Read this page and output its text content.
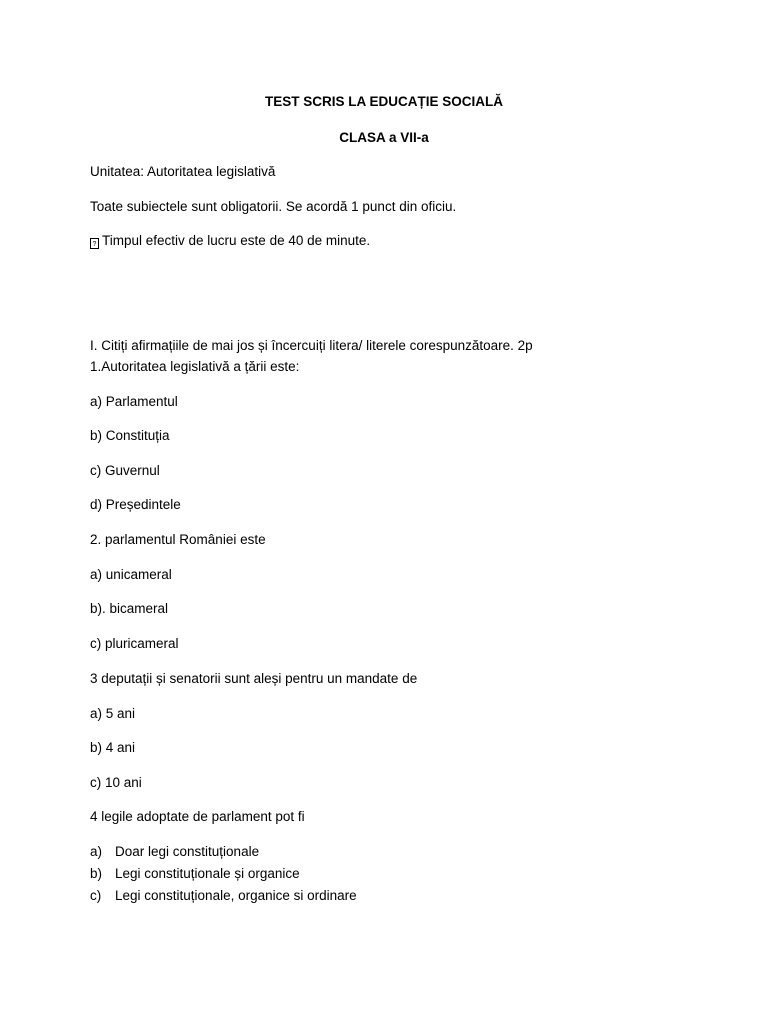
TEST SCRIS LA EDUCAȚIE SOCIALĂ
CLASA a VII-a
Unitatea: Autoritatea legislativă
Toate subiectele sunt obligatorii. Se acordă 1 punct din oficiu.
? Timpul efectiv de lucru este de 40 de minute.
I. Citiți afirmațiile de mai jos și încercuiți litera/ literele corespunzătoare. 2p
1.Autoritatea legislativă a țării este:
a) Parlamentul
b) Constituția
c) Guvernul
d) Președintele
2. parlamentul României este
a) unicameral
b). bicameral
c) pluricameral
3 deputații și senatorii sunt aleși pentru un mandate de
a) 5 ani
b) 4 ani
c) 10 ani
4 legile adoptate de parlament pot fi
a) Doar legi constituționale
b) Legi constituționale și organice
c) Legi constituționale, organice si ordinare
